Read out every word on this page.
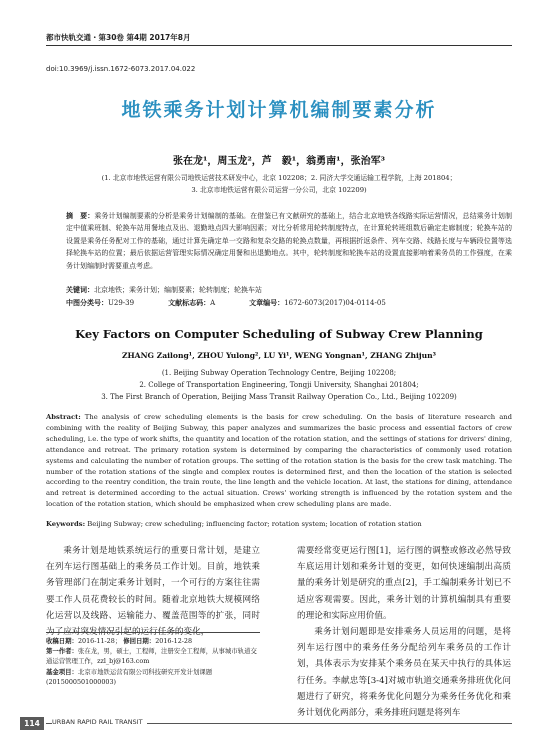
都市快轨交通・第30卷 第4期 2017年8月
doi:10.3969/j.issn.1672-6073.2017.04.022
地铁乘务计划计算机编制要素分析
张在龙¹，周玉龙²，芦　毅¹，翁勇南¹，张治军³
(1. 北京市地铁运营有限公司地铁运营技术研发中心，北京 102208；2. 同济大学交通运输工程学院，上海 201804；
3. 北京市地铁运营有限公司运营一分公司，北京 102209)
摘　要：乘务计划编制要素的分析是乘务计划编制的基础。在借鉴已有文献研究的基础上，结合北京地铁各线路实际运营情况，总结乘务计划制定中值乘班制、轮换车站用餐地点及出、退勤地点四大影响因素；对比分析常用轮转制度特点，在计算轮转班组数后确定走廊制度；轮换车站的设置是乘务任务配对工作的基础，通过计算先确定单一交路和复杂交路的轮换点数量，再根据折返条件、列车交路、线路长度与车辆段位置等选择轮换车站的位置；最后依据运营管理实际情况确定用餐和出退勤地点。其中，轮转制度和轮换车站的设置直接影响着乘务员的工作强度，在乘务计划编制时需要重点考虑。
关键词：北京地铁；乘务计划；编制要素；轮转制度；轮换车站
中图分类号：U29-39	文献标志码：A	文章编号：1672-6073(2017)04-0114-05
Key Factors on Computer Scheduling of Subway Crew Planning
ZHANG Zailong¹, ZHOU Yulong², LU Yi¹, WENG Yongnan¹, ZHANG Zhijun³
(1. Beijing Subway Operation Technology Centre, Beijing 102208;
2. College of Transportation Engineering, Tongji University, Shanghai 201804;
3. The First Branch of Operation, Beijing Mass Transit Railway Operation Co., Ltd., Beijing 102209)
Abstract: The analysis of crew scheduling elements is the basis for crew scheduling. On the basis of literature research and combining with the reality of Beijing Subway, this paper analyzes and summarizes the basic process and essential factors of crew scheduling, i.e. the type of work shifts, the quantity and location of the rotation station, and the settings of stations for drivers' dining, attendance and retreat. The primary rotation system is determined by comparing the characteristics of commonly used rotation systems and calculating the number of rotation groups. The setting of the rotation station is the basis for the crew task matching. The number of the rotation stations of the single and complex routes is determined first, and then the location of the station is selected according to the reentry condition, the train route, the line length and the vehicle location. At last, the stations for dining, attendance and retreat is determined according to the actual situation. Crews' working strength is influenced by the rotation system and the location of the rotation station, which should be emphasized when crew scheduling plans are made.
Keywords: Beijing Subway; crew scheduling; influencing factor; rotation system; location of rotation station

乘务计划是地铁系统运行的重要日常计划，是建立在列车运行图基础上的乘务员工作计划。目前，地铁乘务管理部门在制定乘务计划时，一个可行的方案往往需要工作人员花费较长的时间。随着北京地铁大规模网络化运营以及线路、运输能力、覆盖范围等的扩张，同时为了应对突发情况引起的运行任务的变化，

需要经常变更运行图[1]，运行图的调整或修改必然导致车底运用计划和乘务计划的变更，如何快速编制出高质量的乘务计划是研究的重点[2]，手工编制乘务计划已不适应客观需要。因此，乘务计划的计算机编制具有重要的理论和实际应用价值。

乘务计划问题即是安排乘务人员运用的问题，是将列车运行图中的乘务任务分配给列车乘务员的工作计划，具体表示为安排某个乘务员在某天中执行的具体运行任务。李献忠等[3-4]对城市轨道交通乘务排班优化问题进行了研究，将乘务优化问题分为乘务任务优化和乘务计划优化两部分，乘务排班问题是将列车

收稿日期：2016-11-28； 修回日期：2016-12-28
第一作者：张在龙，男，硕士，工程师，注册安全工程师，从事城市轨道交通运营管理工作，zzl_bj@163.com
基金项目：北京市地铁运营有限公司科技研究开发计划课题(2015000501000003)
114	URBAN RAPID RAIL TRANSIT
